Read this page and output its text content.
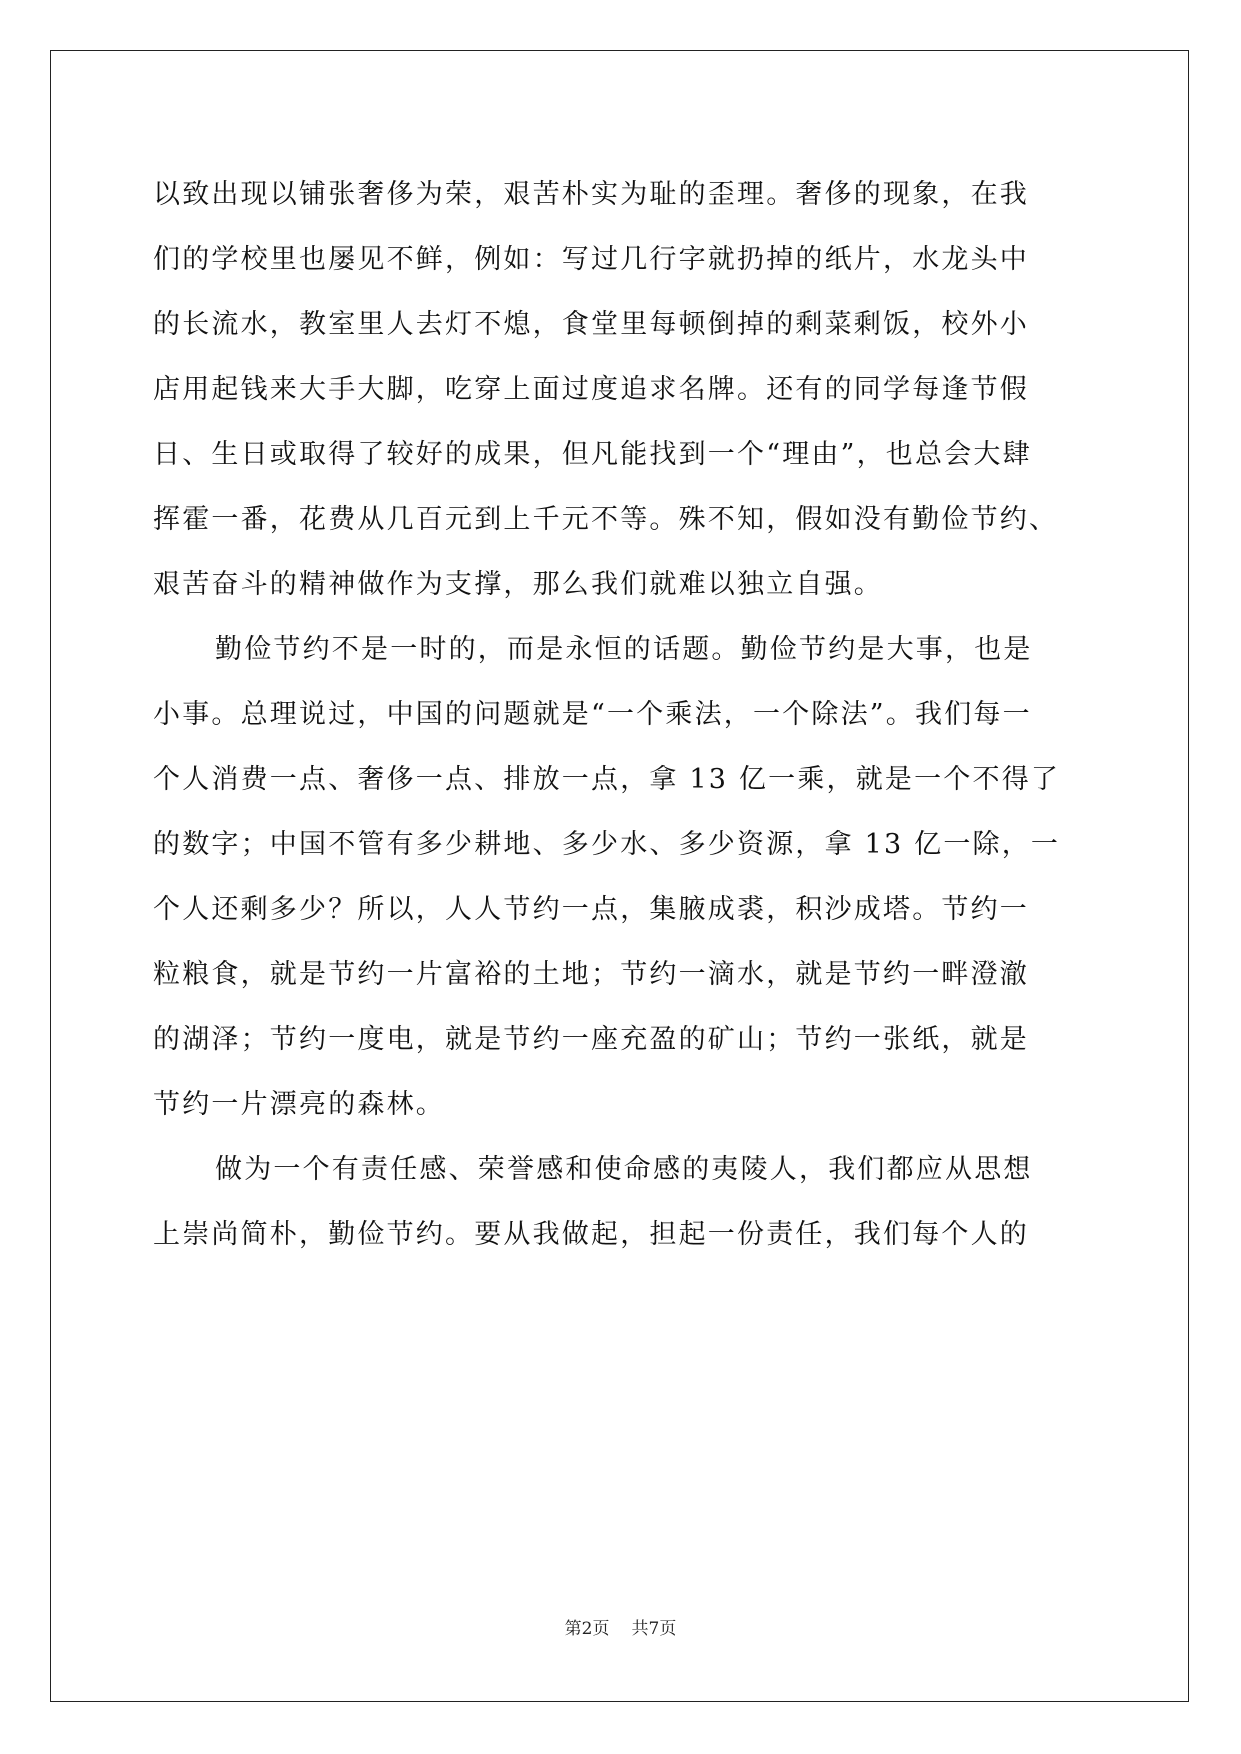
以致出现以铺张奢侈为荣，艰苦朴实为耻的歪理。奢侈的现象，在我
们的学校里也屡见不鲜，例如：写过几行字就扔掉的纸片，水龙头中
的长流水，教室里人去灯不熄，食堂里每顿倒掉的剩菜剩饭，校外小
店用起钱来大手大脚，吃穿上面过度追求名牌。还有的同学每逢节假
日、生日或取得了较好的成果，但凡能找到一个“理由”，也总会大肆
挥霍一番，花费从几百元到上千元不等。殊不知，假如没有勤俭节约、
艰苦奋斗的精神做作为支撑，那么我们就难以独立自强。
勤俭节约不是一时的，而是永恒的话题。勤俭节约是大事，也是
小事。总理说过，中国的问题就是“一个乘法，一个除法”。我们每一
个人消费一点、奢侈一点、排放一点，拿 13 亿一乘，就是一个不得了
的数字；中国不管有多少耕地、多少水、多少资源，拿 13 亿一除，一
个人还剩多少？所以，人人节约一点，集腋成裘，积沙成塔。节约一
粒粮食，就是节约一片富裕的土地；节约一滴水，就是节约一畔澄澈
的湖泽；节约一度电，就是节约一座充盈的矿山；节约一张纸，就是
节约一片漂亮的森林。
做为一个有责任感、荣誉感和使命感的夷陵人，我们都应从思想
上崇尚简朴，勤俭节约。要从我做起，担起一份责任，我们每个人的
第2页 共7页
